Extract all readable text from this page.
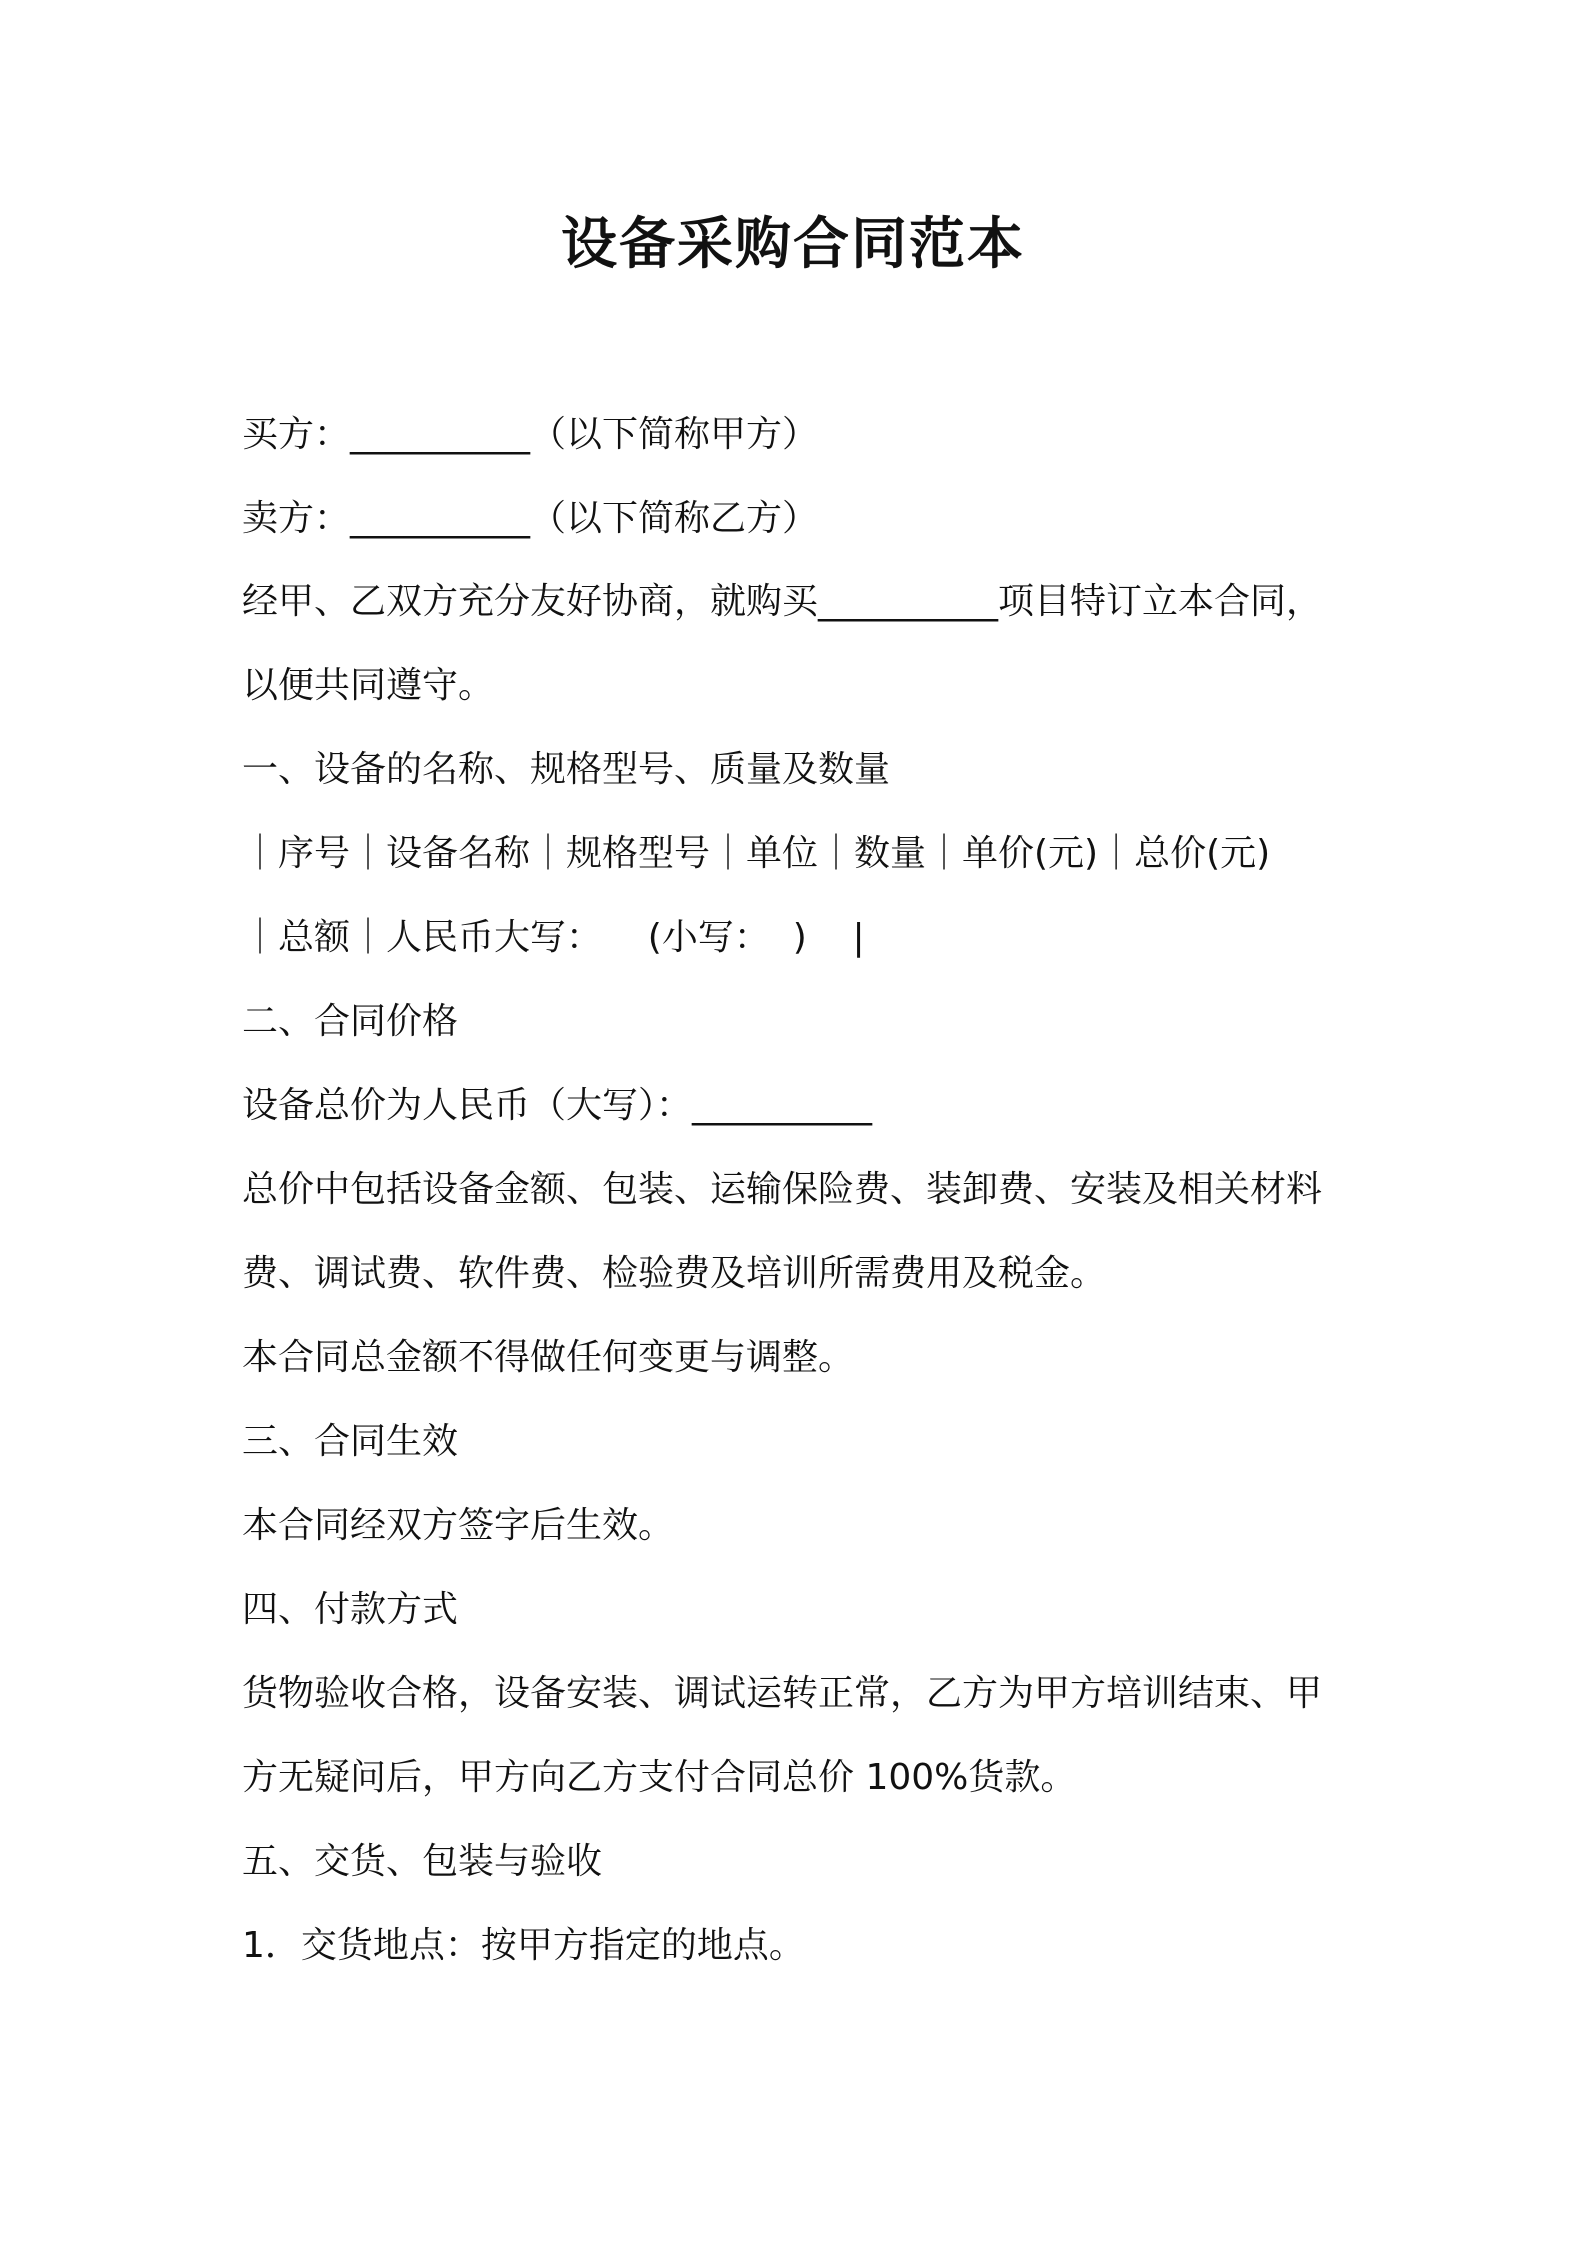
设备采购合同范本
买方：__________（以下简称甲方）
卖方：__________（以下简称乙方）
经甲、乙双方充分友好协商，就购买__________项目特订立本合同，
以便共同遵守。
一、设备的名称、规格型号、质量及数量
｜序号｜设备名称｜规格型号｜单位｜数量｜单价(元)｜总价(元)
｜总额｜人民币大写：    (小写：  )    |
二、合同价格
设备总价为人民币（大写）：__________
总价中包括设备金额、包装、运输保险费、装卸费、安装及相关材料
费、调试费、软件费、检验费及培训所需费用及税金。
本合同总金额不得做任何变更与调整。
三、合同生效
本合同经双方签字后生效。
四、付款方式
货物验收合格，设备安装、调试运转正常，乙方为甲方培训结束、甲
方无疑问后，甲方向乙方支付合同总价 100%货款。
五、交货、包装与验收
1．交货地点：按甲方指定的地点。
